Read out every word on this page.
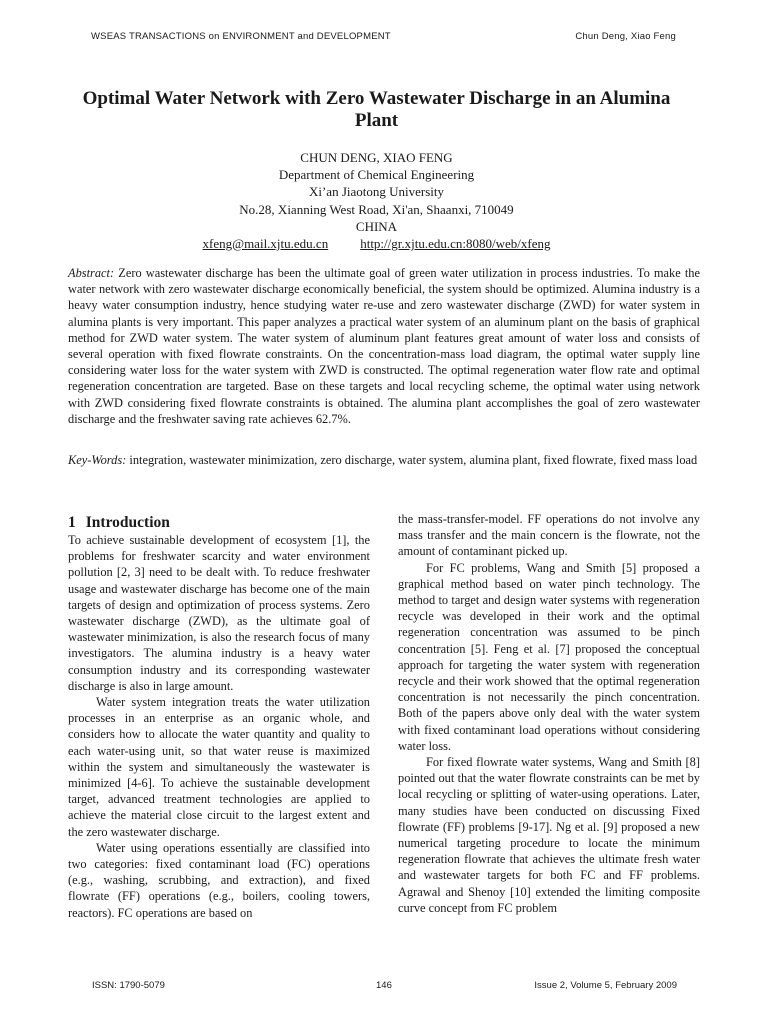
WSEAS TRANSACTIONS on ENVIRONMENT and DEVELOPMENT	Chun Deng, Xiao Feng
Optimal Water Network with Zero Wastewater Discharge in an Alumina Plant
CHUN DENG, XIAO FENG
Department of Chemical Engineering
Xi’an Jiaotong University
No.28, Xianning West Road, Xi'an, Shaanxi, 710049
CHINA
xfeng@mail.xjtu.edu.cn http://gr.xjtu.edu.cn:8080/web/xfeng
Abstract: Zero wastewater discharge has been the ultimate goal of green water utilization in process industries. To make the water network with zero wastewater discharge economically beneficial, the system should be optimized. Alumina industry is a heavy water consumption industry, hence studying water re-use and zero wastewater discharge (ZWD) for water system in alumina plants is very important. This paper analyzes a practical water system of an aluminum plant on the basis of graphical method for ZWD water system. The water system of aluminum plant features great amount of water loss and consists of several operation with fixed flowrate constraints. On the concentration-mass load diagram, the optimal water supply line considering water loss for the water system with ZWD is constructed. The optimal regeneration water flow rate and optimal regeneration concentration are targeted. Base on these targets and local recycling scheme, the optimal water using network with ZWD considering fixed flowrate constraints is obtained. The alumina plant accomplishes the goal of zero wastewater discharge and the freshwater saving rate achieves 62.7%.
Key-Words: integration, wastewater minimization, zero discharge, water system, alumina plant, fixed flowrate, fixed mass load
1 Introduction

To achieve sustainable development of ecosystem [1], the problems for freshwater scarcity and water environment pollution [2, 3] need to be dealt with. To reduce freshwater usage and wastewater discharge has become one of the main targets of design and optimization of process systems. Zero wastewater discharge (ZWD), as the ultimate goal of wastewater minimization, is also the research focus of many investigators. The alumina industry is a heavy water consumption industry and its corresponding wastewater discharge is also in large amount.

Water system integration treats the water utilization processes in an enterprise as an organic whole, and considers how to allocate the water quantity and quality to each water-using unit, so that water reuse is maximized within the system and simultaneously the wastewater is minimized [4-6]. To achieve the sustainable development target, advanced treatment technologies are applied to achieve the material close circuit to the largest extent and the zero wastewater discharge.

Water using operations essentially are classified into two categories: fixed contaminant load (FC) operations (e.g., washing, scrubbing, and extraction), and fixed flowrate (FF) operations (e.g., boilers, cooling towers, reactors). FC operations are based on

the mass-transfer-model. FF operations do not involve any mass transfer and the main concern is the flowrate, not the amount of contaminant picked up.

For FC problems, Wang and Smith [5] proposed a graphical method based on water pinch technology. The method to target and design water systems with regeneration recycle was developed in their work and the optimal regeneration concentration was assumed to be pinch concentration [5]. Feng et al. [7] proposed the conceptual approach for targeting the water system with regeneration recycle and their work showed that the optimal regeneration concentration is not necessarily the pinch concentration. Both of the papers above only deal with the water system with fixed contaminant load operations without considering water loss.

For fixed flowrate water systems, Wang and Smith [8] pointed out that the water flowrate constraints can be met by local recycling or splitting of water-using operations. Later, many studies have been conducted on discussing Fixed flowrate (FF) problems [9-17]. Ng et al. [9] proposed a new numerical targeting procedure to locate the minimum regeneration flowrate that achieves the ultimate fresh water and wastewater targets for both FC and FF problems. Agrawal and Shenoy [10] extended the limiting composite curve concept from FC problem

ISSN: 1790-5079	146	Issue 2, Volume 5, February 2009
